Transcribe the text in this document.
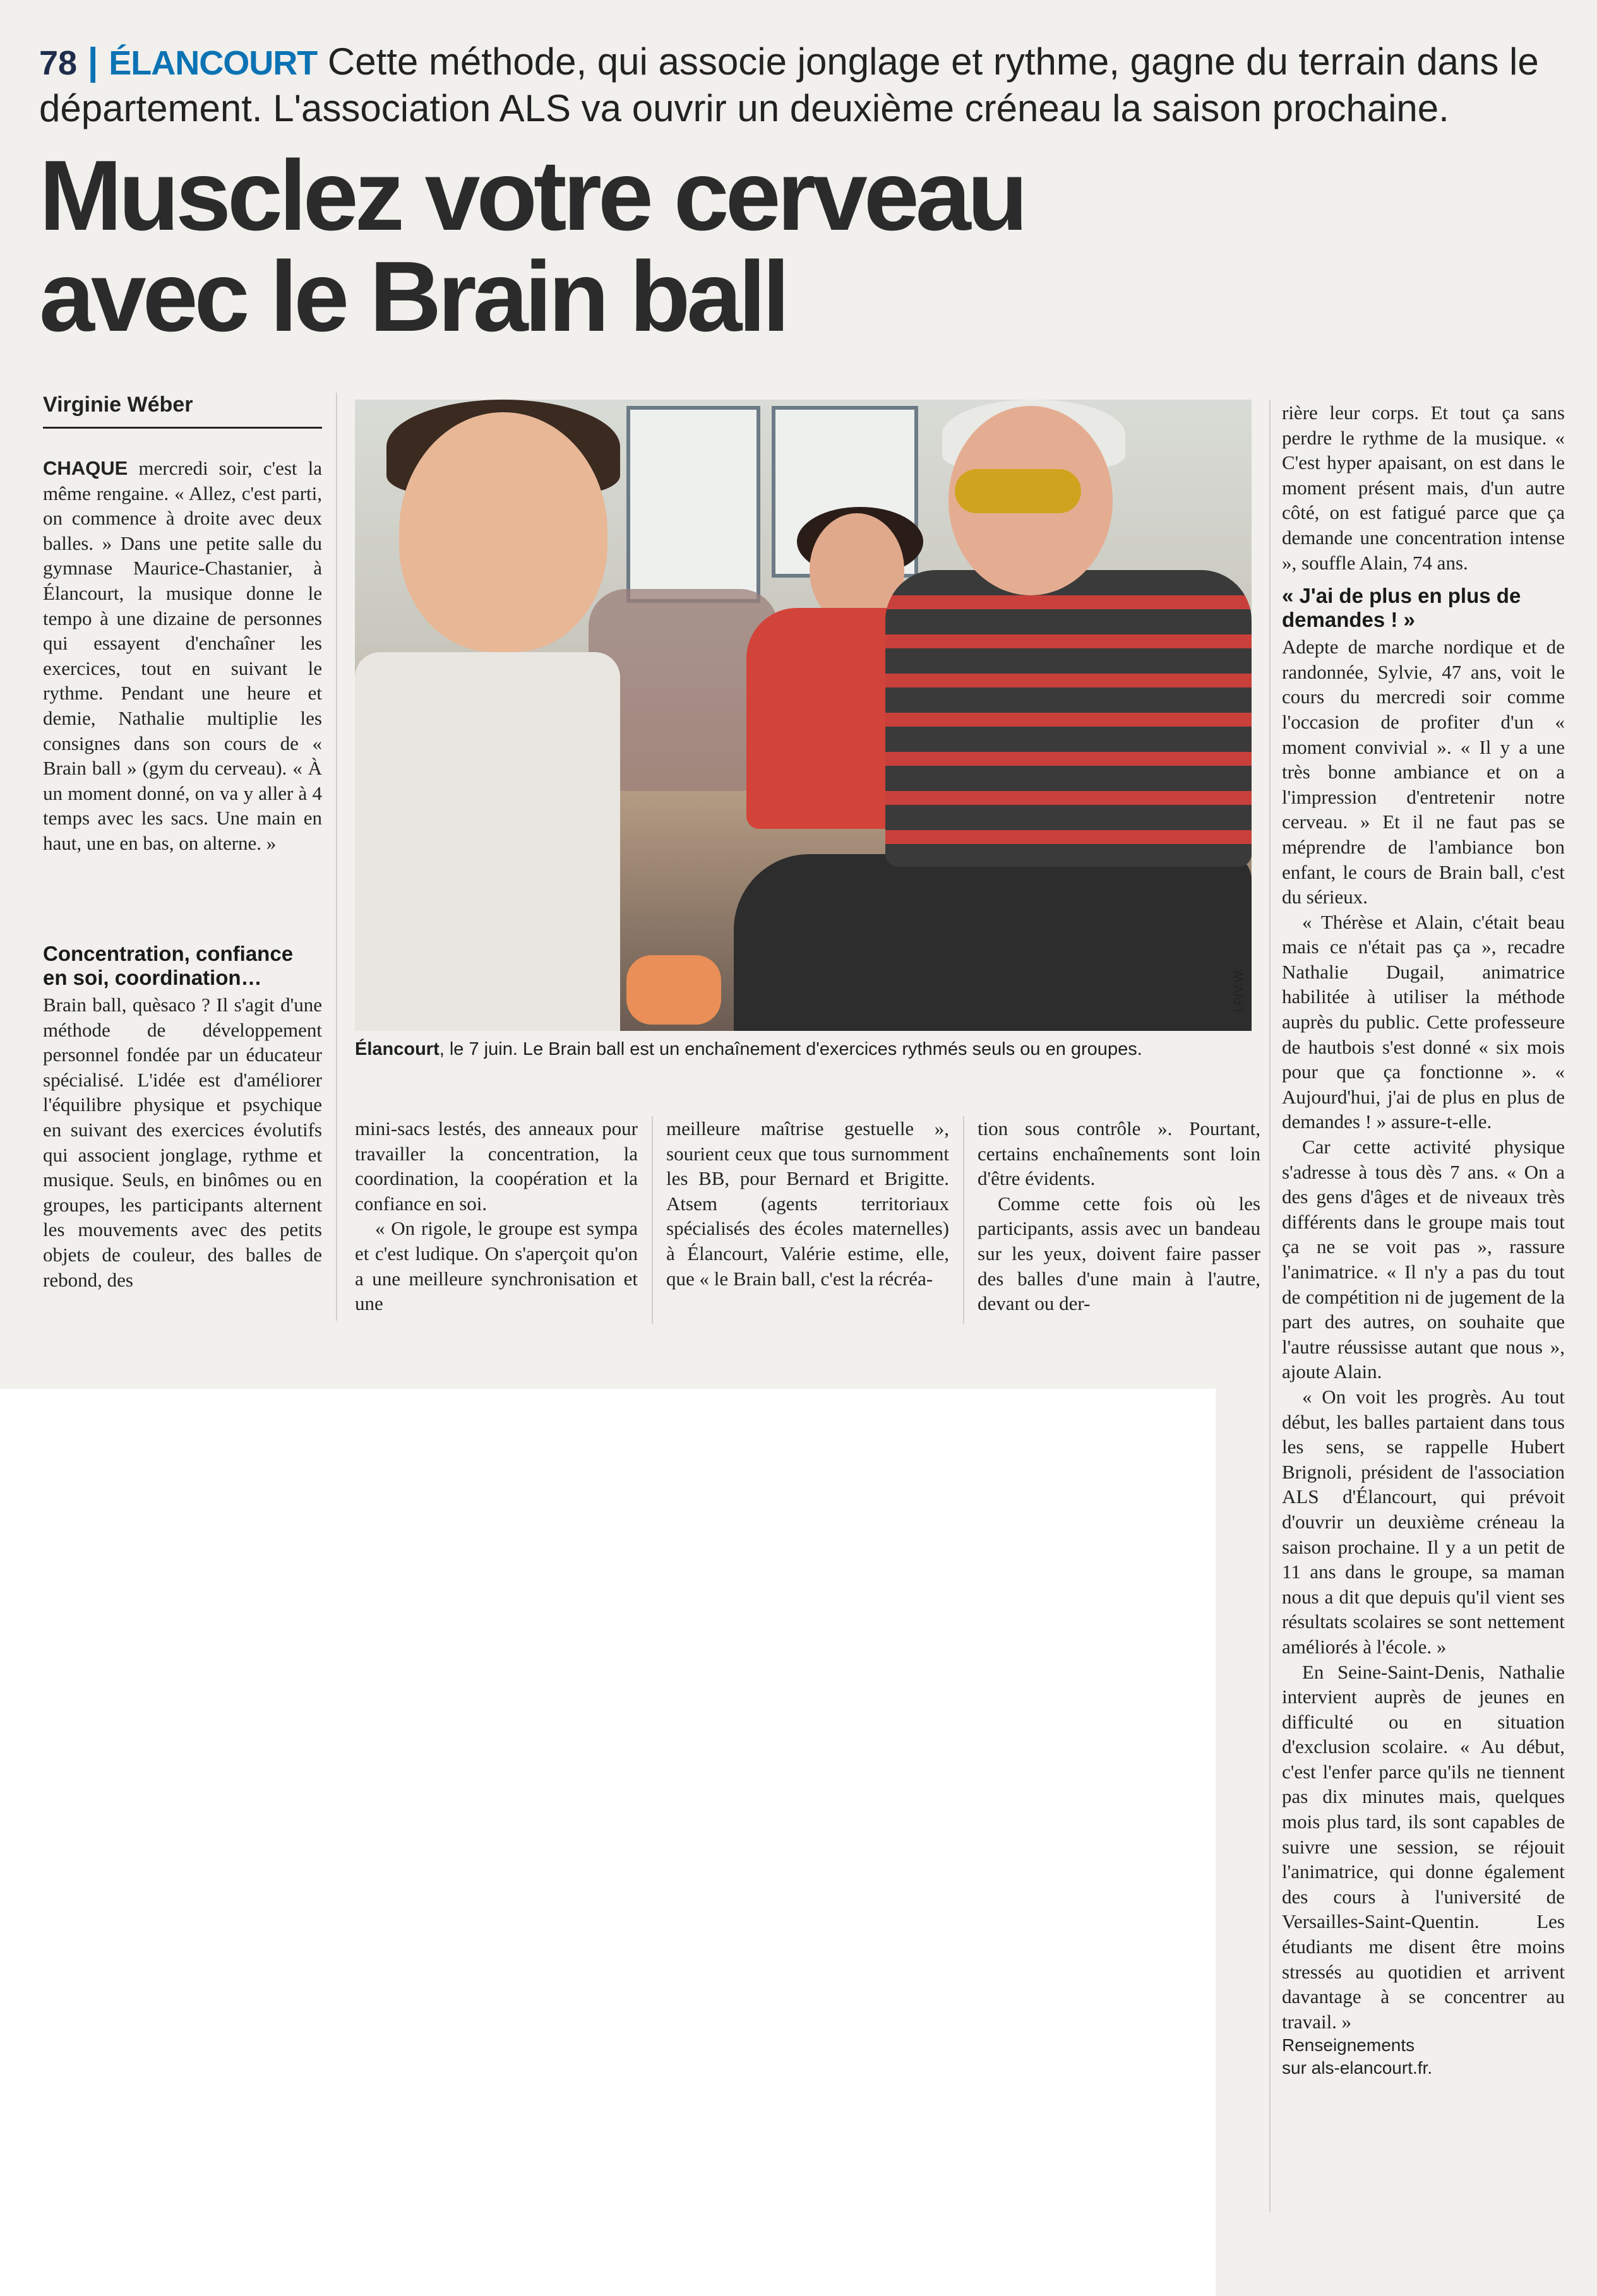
78 | ÉLANCOURT Cette méthode, qui associe jonglage et rythme, gagne du terrain dans le département. L'association ALS va ouvrir un deuxième créneau la saison prochaine.
Musclez votre cerveau
avec le Brain ball
Virginie Wéber
LP/V.W.
Élancourt, le 7 juin. Le Brain ball est un enchaînement d'exercices rythmés seuls ou en groupes.

CHAQUE mercredi soir, c'est la même rengaine. « Allez, c'est parti, on commence à droite avec deux balles. » Dans une petite salle du gymnase Maurice-Chastanier, à Élancourt, la musique donne le tempo à une dizaine de personnes qui essayent d'enchaîner les exercices, tout en suivant le rythme. Pendant une heure et demie, Nathalie multiplie les consignes dans son cours de « Brain ball » (gym du cerveau). « À un moment donné, on va y aller à 4 temps avec les sacs. Une main en haut, une en bas, on alterne. »

Concentration, confiance en soi, coordination…

Brain ball, quèsaco ? Il s'agit d'une méthode de développement personnel fondée par un éducateur spécialisé. L'idée est d'améliorer l'équilibre physique et psychique en suivant des exercices évolutifs qui associent jonglage, rythme et musique. Seuls, en binômes ou en groupes, les participants alternent les mouvements avec des petits objets de couleur, des balles de rebond, des

mini-sacs lestés, des anneaux pour travailler la concentration, la coordination, la coopération et la confiance en soi.

« On rigole, le groupe est sympa et c'est ludique. On s'aperçoit qu'on a une meilleure synchronisation et une

meilleure maîtrise gestuelle », sourient ceux que tous surnomment les BB, pour Bernard et Brigitte. Atsem (agents territoriaux spécialisés des écoles maternelles) à Élancourt, Valérie estime, elle, que « le Brain ball, c'est la récréa-

tion sous contrôle ». Pourtant, certains enchaînements sont loin d'être évidents.

Comme cette fois où les participants, assis avec un bandeau sur les yeux, doivent faire passer des balles d'une main à l'autre, devant ou der-

rière leur corps. Et tout ça sans perdre le rythme de la musique. « C'est hyper apaisant, on est dans le moment présent mais, d'un autre côté, on est fatigué parce que ça demande une concentration intense », souffle Alain, 74 ans.

« J'ai de plus en plus de demandes ! »

Adepte de marche nordique et de randonnée, Sylvie, 47 ans, voit le cours du mercredi soir comme l'occasion de profiter d'un « moment convivial ». « Il y a une très bonne ambiance et on a l'impression d'entretenir notre cerveau. » Et il ne faut pas se méprendre de l'ambiance bon enfant, le cours de Brain ball, c'est du sérieux.

« Thérèse et Alain, c'était beau mais ce n'était pas ça », recadre Nathalie Dugail, animatrice habilitée à utiliser la méthode auprès du public. Cette professeure de hautbois s'est donné « six mois pour que ça fonctionne ». « Aujourd'hui, j'ai de plus en plus de demandes ! » assure-t-elle.

Car cette activité physique s'adresse à tous dès 7 ans. « On a des gens d'âges et de niveaux très différents dans le groupe mais tout ça ne se voit pas », rassure l'animatrice. « Il n'y a pas du tout de compétition ni de jugement de la part des autres, on souhaite que l'autre réussisse autant que nous », ajoute Alain.

« On voit les progrès. Au tout début, les balles partaient dans tous les sens, se rappelle Hubert Brignoli, président de l'association ALS d'Élancourt, qui prévoit d'ouvrir un deuxième créneau la saison prochaine. Il y a un petit de 11 ans dans le groupe, sa maman nous a dit que depuis qu'il vient ses résultats scolaires se sont nettement améliorés à l'école. »

En Seine-Saint-Denis, Nathalie intervient auprès de jeunes en difficulté ou en situation d'exclusion scolaire. « Au début, c'est l'enfer parce qu'ils ne tiennent pas dix minutes mais, quelques mois plus tard, ils sont capables de suivre une session, se réjouit l'animatrice, qui donne également des cours à l'université de Versailles-Saint-Quentin. Les étudiants me disent être moins stressés au quotidien et arrivent davantage à se concentrer au travail. »

Renseignements
sur als-elancourt.fr.
